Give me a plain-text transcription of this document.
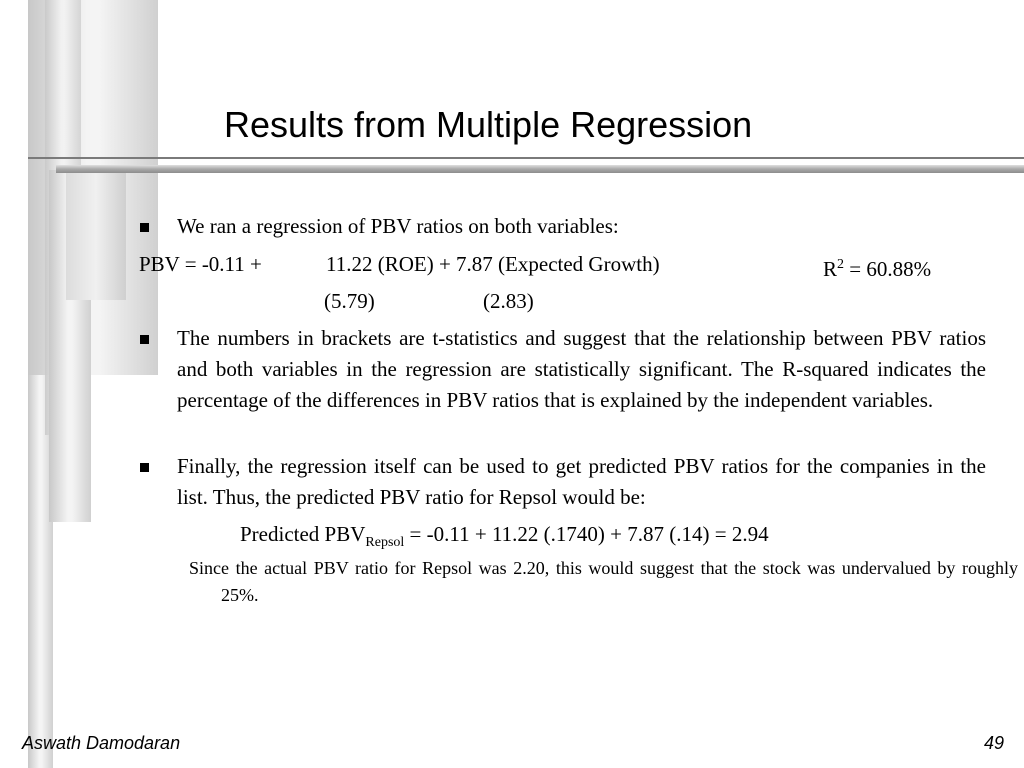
Results from Multiple Regression
We ran a regression of PBV ratios on both variables:
PBV = -0.11 +	11.22 (ROE) + 7.87 (Expected Growth)	$R^2 = 60.88\%$
(5.79)	(2.83)
The numbers in brackets are t-statistics and suggest that the relationship between PBV ratios and both variables in the regression are statistically significant. The R-squared indicates the percentage of the differences in PBV ratios that is explained by the independent variables.
Finally, the regression itself can be used to get predicted PBV ratios for the companies in the list. Thus, the predicted PBV ratio for Repsol would be:
Predicted $PBV_{Repsol} = -0.11 + 11.22$ (.1740) + 7.87 (.14) = 2.94
Since the actual PBV ratio for Repsol was 2.20, this would suggest that the stock was undervalued by roughly 25%.
Aswath Damodaran	49
